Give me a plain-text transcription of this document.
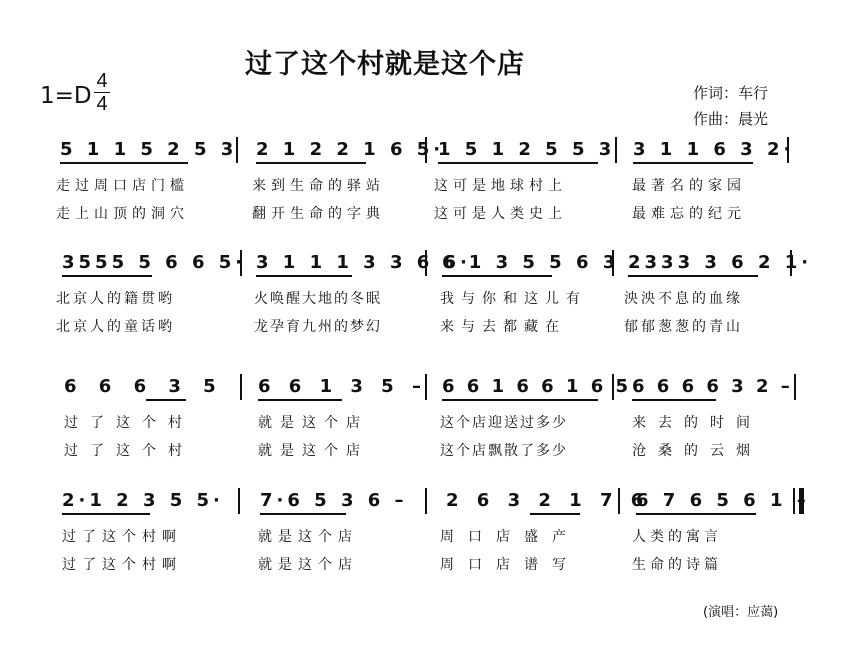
过了这个村就是这个店
1=D
4
4	作词：车行
作曲：晨光
5 1 1 5 2 5 3
走过周口店门槛
走上山顶的洞穴
2 1 2 2 1 6 5·
来到生命的驿站
翻开生命的字典
1 5 1 2 5 5 3
这可是地球村上
这可是人类史上
3 1 1 6 3 2·
最著名的家园
最难忘的纪元
3555 5 6 6 5·
北京人的籍贯哟
北京人的童话哟
3 1 1 1 3 3 6 6·
火唤醒大地的冬眠
龙孕育九州的梦幻
6 1 3 5 5 6 3
我与你和这儿有
来与去都藏在
2333 3 6 2 1·
泱泱不息的血缘
郁郁葱葱的青山
6 6 6 3 5
过了这个村
过了这个村
6 6 1 3 5 –
就是这个店
就是这个店
6 6 1 6 6 1 6 5
这个店迎送过多少
这个店飘散了多少
6 6 6 6 3 2 –
来去的时间
沧桑的云烟
2·1 2 3 5 5·
过了这个村啊
过了这个村啊
7·6 5 3 6 –
就是这个店
就是这个店
2 6 3 2 1 7 6
周口店盛产
周口店谱写
6 7 6 5 6 1 –
人类的寓言
生命的诗篇
(演唱：应蔼)
